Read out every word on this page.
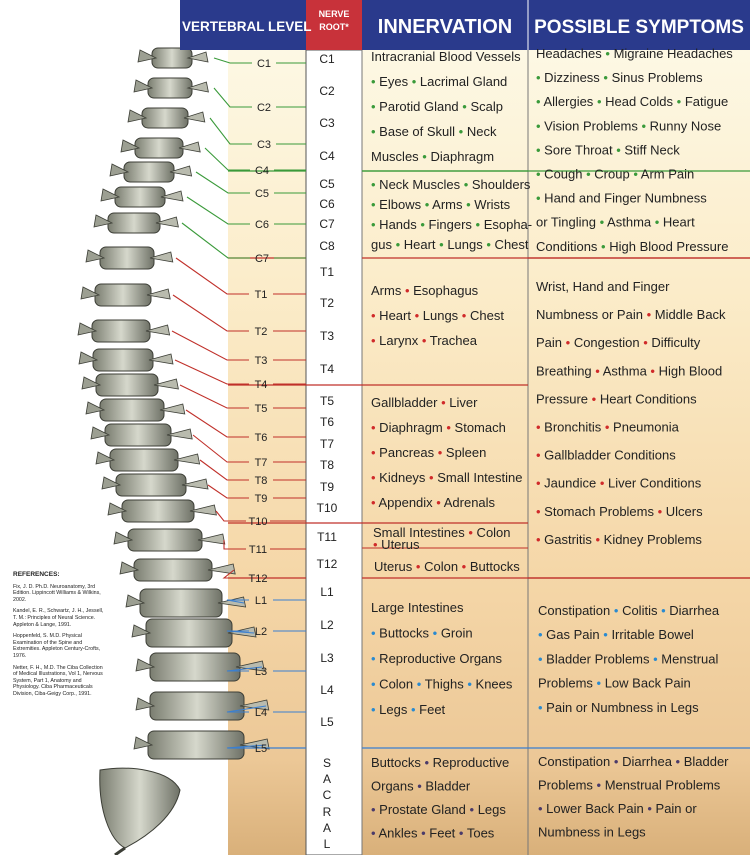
VERTEBRAL LEVEL
NERVE
ROOT* INNERVATION POSSIBLE SYMPTOMS
C1
C2
C3
C4
C5
C6
C7
T1
T2
T3
T4
T5
T6
T7
T8
T9
T10
T11
T12
L1
L2
L3
L4
L5
C1
C2
C3
C4
C5
C6
C7
C8
T1
T2
T3
T4
T5
T6
T7
T8
T9
T10
T11
T12
L1
L2
L3
L4
L5
S
A
C
R
A
L
Intracranial Blood Vessels
• Eyes • Lacrimal Gland
• Parotid Gland • Scalp
• Base of Skull • Neck
Muscles • Diaphragm
• Neck Muscles • Shoulders
• Elbows • Arms • Wrists
• Hands • Fingers • Esopha-
gus • Heart • Lungs • Chest
Arms • Esophagus
• Heart • Lungs • Chest
• Larynx • Trachea
Gallbladder • Liver
• Diaphragm • Stomach
• Pancreas • Spleen
• Kidneys • Small Intestine
• Appendix • Adrenals
Small Intestines • Colon
• Uterus
Uterus • Colon • Buttocks
Large Intestines
• Buttocks • Groin
• Reproductive Organs
• Colon • Thighs • Knees
• Legs • Feet
Buttocks • Reproductive
Organs • Bladder
• Prostate Gland • Legs
• Ankles • Feet • Toes
Headaches • Migraine Headaches
• Dizziness • Sinus Problems
• Allergies • Head Colds • Fatigue
• Vision Problems • Runny Nose
• Sore Throat • Stiff Neck
• Cough • Croup • Arm Pain
• Hand and Finger Numbness
or Tingling • Asthma • Heart
Conditions • High Blood Pressure
Wrist, Hand and Finger
Numbness or Pain • Middle Back
Pain • Congestion • Difficulty
Breathing • Asthma • High Blood
Pressure • Heart Conditions
• Bronchitis • Pneumonia
• Gallbladder Conditions
• Jaundice • Liver Conditions
• Stomach Problems • Ulcers
• Gastritis • Kidney Problems
Constipation • Colitis • Diarrhea
• Gas Pain • Irritable Bowel
• Bladder Problems • Menstrual
Problems • Low Back Pain
• Pain or Numbness in Legs
Constipation • Diarrhea • Bladder
Problems • Menstrual Problems
• Lower Back Pain • Pain or
Numbness in Legs

REFERENCES:

Fix, J. D. Ph.D. Neuroanatomy, 3rd Edition. Lippincott Williams & Wilkins, 2002.

Kandel, E. R., Schwartz, J. H., Jessell, T. M.: Principles of Neural Science. Appleton & Lange, 1991.

Hoppenfeld, S. M.D. Physical Examination of the Spine and Extremities. Appleton Century-Crofts, 1976.

Netter, F. H., M.D. The Ciba Collection of Medical Illustrations, Vol 1, Nervous System, Part 1, Anatomy and Physiology. Ciba Pharmaceuticals Division, Ciba-Geigy Corp., 1991.
